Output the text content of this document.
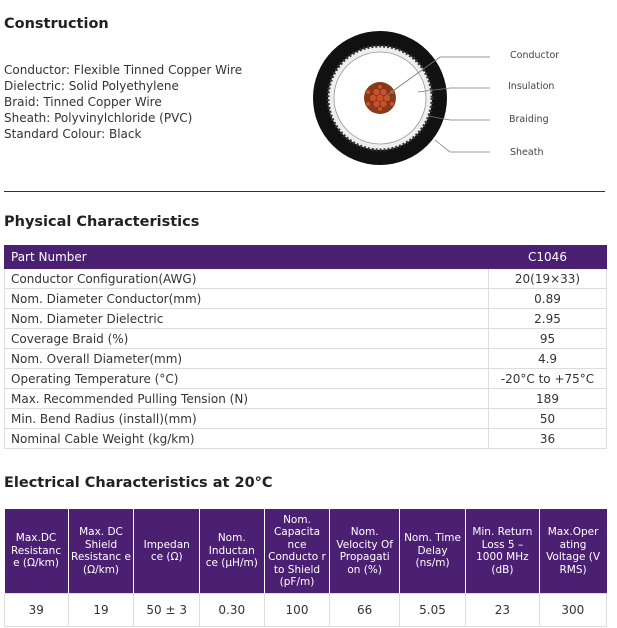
Construction
Conductor: Flexible Tinned Copper Wire
Dielectric: Solid Polyethylene
Braid: Tinned Copper Wire
Sheath: Polyvinylchloride (PVC)
Standard Colour: Black
Conductor
Insulation
Braiding
Sheath
Physical Characteristics
Part Number	C1046
Conductor Configuration(AWG)	20(19×33)
Nom. Diameter Conductor(mm)	0.89
Nom. Diameter Dielectric	2.95
Coverage Braid (%)	95
Nom. Overall Diameter(mm)	4.9
Operating Temperature (°C)	-20°C to +75°C
Max. Recommended Pulling Tension (N)	189
Min. Bend Radius (install)(mm)	50
Nominal Cable Weight (kg/km)	36
Electrical Characteristics at 20°C
Max.DC Resistanc e (Ω/km)	Max. DC Shield Resistanc e (Ω/km)	Impedan ce (Ω)	Nom. Inductan ce (μH/m)	Nom. Capacita nce Conducto r to Shield (pF/m)	Nom. Velocity Of Propagati on (%)	Nom. Time Delay (ns/m)	Min. Return Loss 5 – 1000 MHz (dB)	Max.Oper ating Voltage (V RMS)
39	19	50 ± 3	0.30	100	66	5.05	23	300
